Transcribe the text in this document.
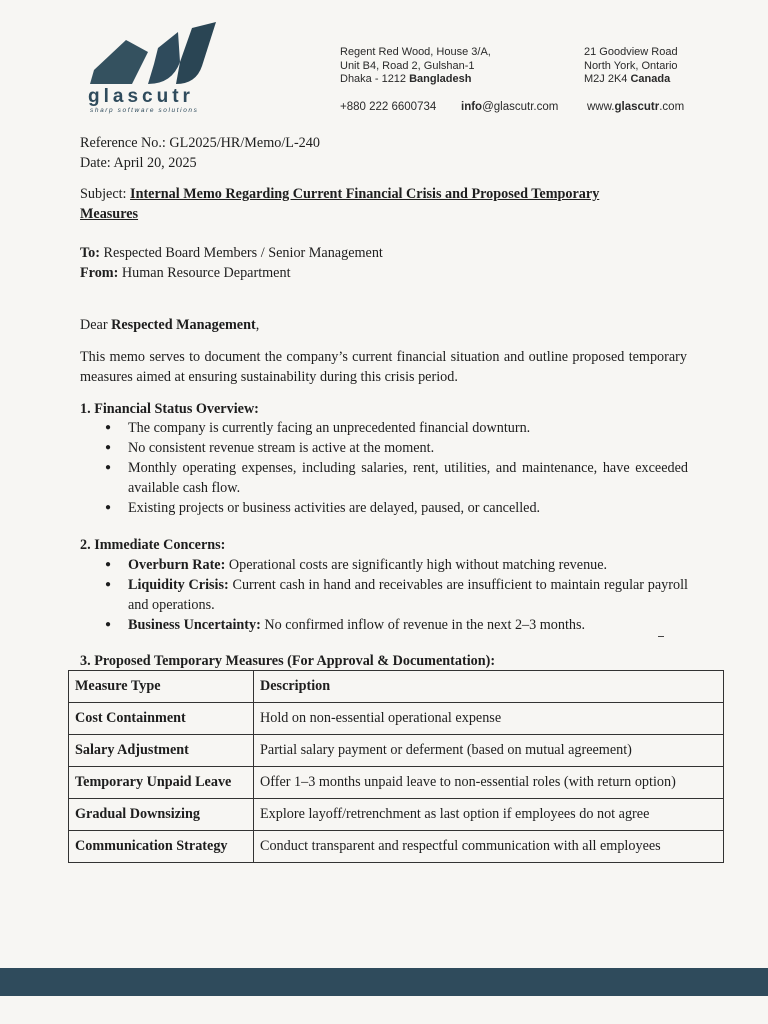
glascutr
sharp software solutions
Regent Red Wood, House 3/A,
Unit B4, Road 2, Gulshan-1
Dhaka - 1212 Bangladesh
21 Goodview Road
North York, Ontario
M2J 2K4 Canada
+880 222 6600734 info@glascutr.com www.glascutr.com
Reference No.: GL2025/HR/Memo/L-240
Date: April 20, 2025
Subject: Internal Memo Regarding Current Financial Crisis and Proposed Temporary
Measures
To: Respected Board Members / Senior Management
From: Human Resource Department
Dear Respected Management,
This memo serves to document the company’s current financial situation and outline proposed temporary measures aimed at ensuring sustainability during this crisis period.
1. Financial Status Overview:
● The company is currently facing an unprecedented financial downturn.
● No consistent revenue stream is active at the moment.
● Monthly operating expenses, including salaries, rent, utilities, and maintenance, have exceeded available cash flow.
● Existing projects or business activities are delayed, paused, or cancelled.
2. Immediate Concerns:
● Overburn Rate: Operational costs are significantly high without matching revenue.
● Liquidity Crisis: Current cash in hand and receivables are insufficient to maintain regular payroll and operations.
● Business Uncertainty: No confirmed inflow of revenue in the next 2–3 months.
3. Proposed Temporary Measures (For Approval & Documentation):
Measure Type	Description
Cost Containment	Hold on non-essential operational expense
Salary Adjustment	Partial salary payment or deferment (based on mutual agreement)
Temporary Unpaid Leave	Offer 1–3 months unpaid leave to non-essential roles (with return option)
Gradual Downsizing	Explore layoff/retrenchment as last option if employees do not agree
Communication Strategy	Conduct transparent and respectful communication with all employees
